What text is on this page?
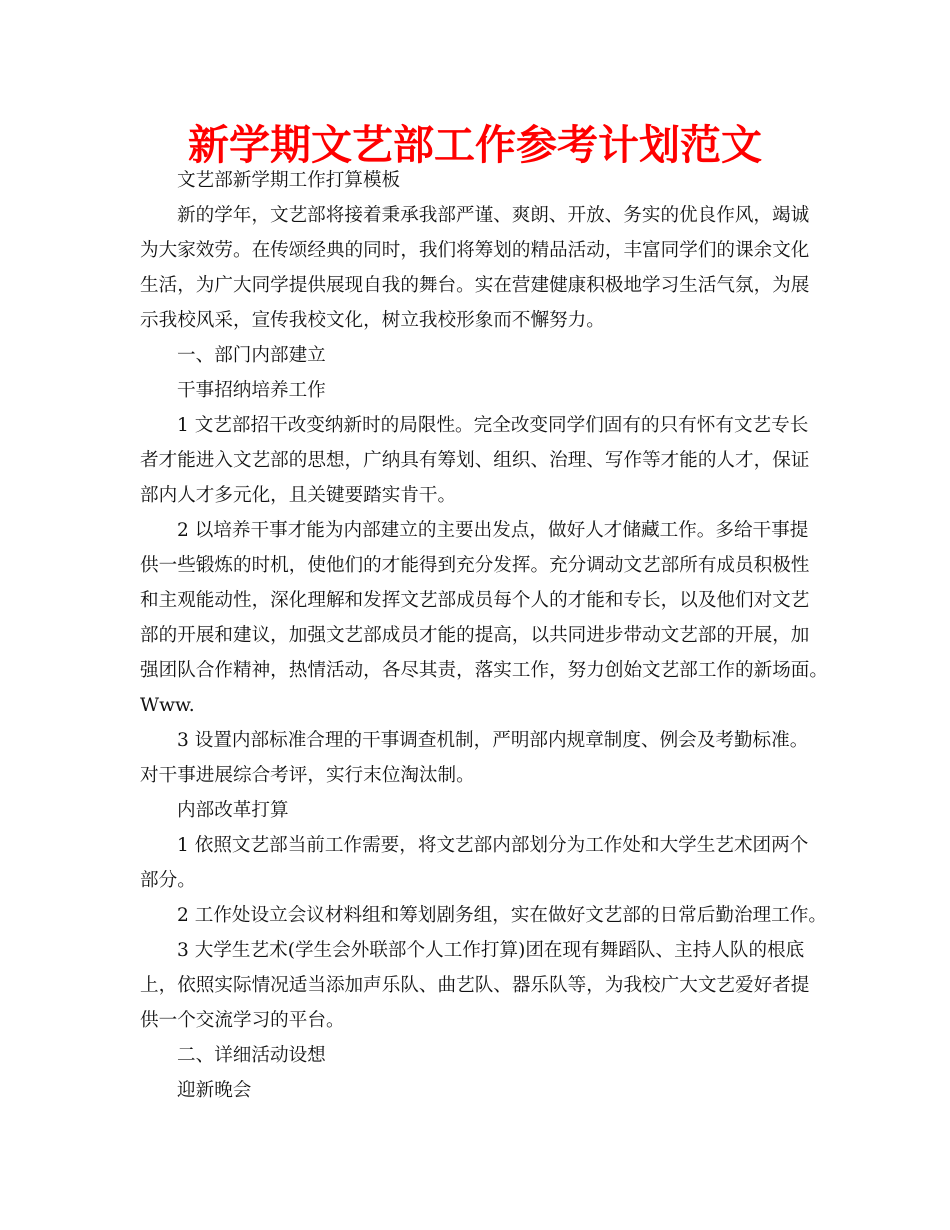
新学期文艺部工作参考计划范文
文艺部新学期工作打算模板
新的学年，文艺部将接着秉承我部严谨、爽朗、开放、务实的优良作风，竭诚
为大家效劳。在传颂经典的同时，我们将筹划的精品活动，丰富同学们的课余文化
生活，为广大同学提供展现自我的舞台。实在营建健康积极地学习生活气氛，为展
示我校风采，宣传我校文化，树立我校形象而不懈努力。
一、部门内部建立
干事招纳培养工作
1 文艺部招干改变纳新时的局限性。完全改变同学们固有的只有怀有文艺专长
者才能进入文艺部的思想，广纳具有筹划、组织、治理、写作等才能的人才，保证
部内人才多元化，且关键要踏实肯干。
2 以培养干事才能为内部建立的主要出发点，做好人才储藏工作。多给干事提
供一些锻炼的时机，使他们的才能得到充分发挥。充分调动文艺部所有成员积极性
和主观能动性，深化理解和发挥文艺部成员每个人的才能和专长，以及他们对文艺
部的开展和建议，加强文艺部成员才能的提高，以共同进步带动文艺部的开展，加
强团队合作精神，热情活动，各尽其责，落实工作，努力创始文艺部工作的新场面。
Www.
3 设置内部标准合理的干事调查机制，严明部内规章制度、例会及考勤标准。
对干事进展综合考评，实行末位淘汰制。
内部改革打算
1 依照文艺部当前工作需要，将文艺部内部划分为工作处和大学生艺术团两个
部分。
2 工作处设立会议材料组和筹划剧务组，实在做好文艺部的日常后勤治理工作。
3 大学生艺术(学生会外联部个人工作打算)团在现有舞蹈队、主持人队的根底
上，依照实际情况适当添加声乐队、曲艺队、器乐队等，为我校广大文艺爱好者提
供一个交流学习的平台。
二、详细活动设想
迎新晚会
